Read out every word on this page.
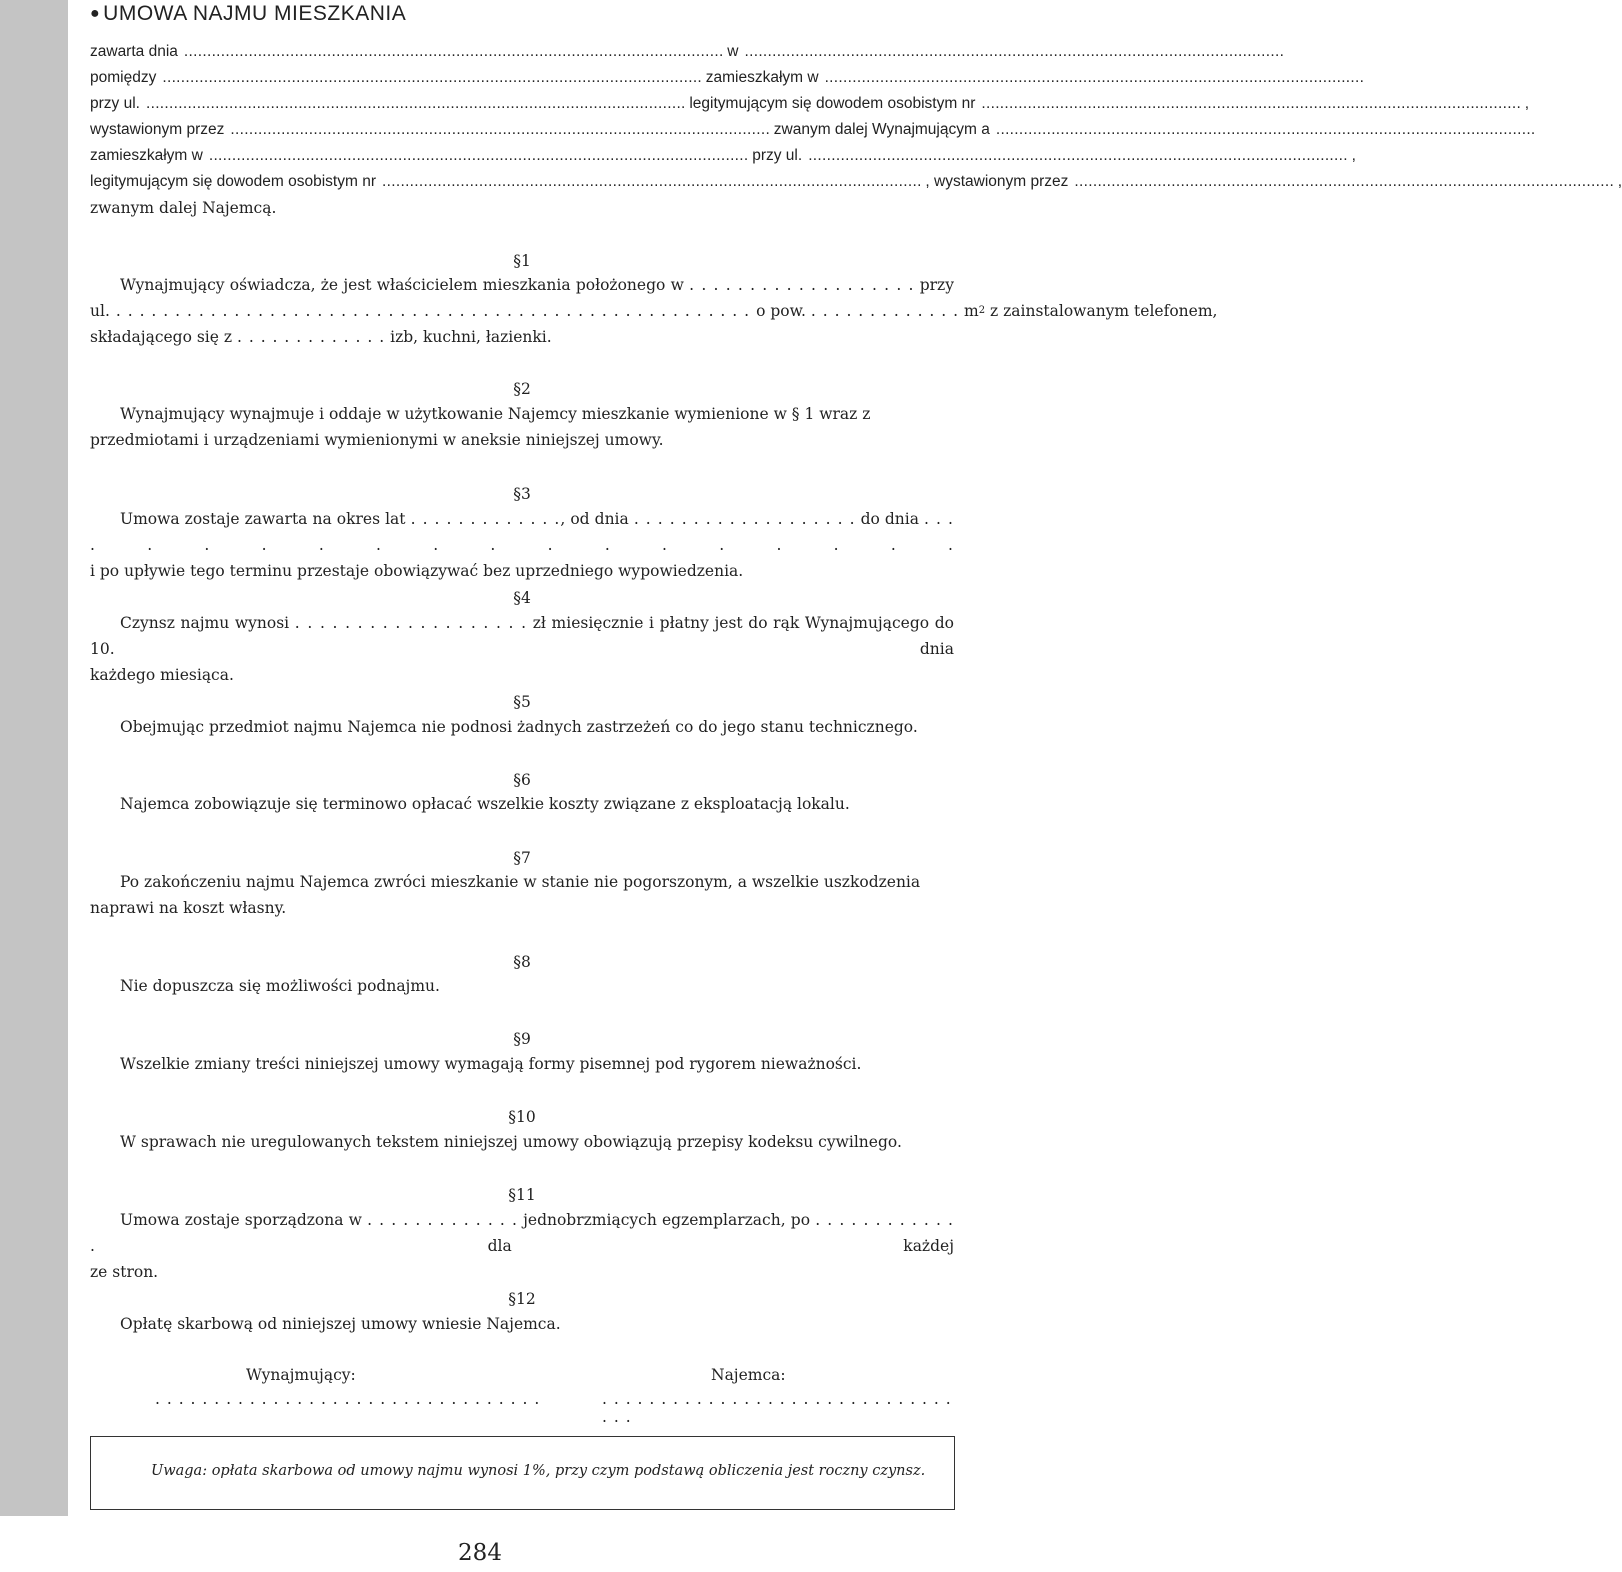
● UMOWA NAJMU MIESZKANIA
zawarta dnia . . .	w
. . .
pomiędzy . . .	zamieszkałym w
. . .
przy ul. . . .	legitymującym się dowodem osobistym nr . . .	,
wystawionym przez . . .	zwanym dalej Wynajmującym a
. . .
zamieszkałym w . . .	przy ul. . . .	,
legitymującym się dowodem osobistym nr . . .	, wystawionym przez . . .	,
zwanym dalej Najemcą.
§1
Wynajmujący oświadcza, że jest właścicielem mieszkania położonego w . . . . . . . . . . . . . . . . . . . przy
ul. . . . . . . . . . . . . . . . . . . . . . . . . . . . . . . . . . . . . . . . . . . . . . . . . . . . . . . o pow.
. . . . . . . . . . . . .
m 2
z zainstalowanym telefonem,
składającego się z . . . . . . . . . . . . . izb, kuchni, łazienki.
§2
Wynajmujący wynajmuje i oddaje w użytkowanie Najemcy mieszkanie wymienione w § 1 wraz z przedmiotami i urządzeniami wymienionymi w aneksie niniejszej umowy.
§3
Umowa zostaje zawarta na okres lat . . . . . . . . . . . . ., od dnia . . . . . . . . . . . . . . . . . . . do dnia . . . . . . . . . . . . . . . . . . .
i po upływie tego terminu przestaje obowiązywać bez uprzedniego wypowiedzenia.
§4
Czynsz najmu wynosi . . . . . . . . . . . . . . . . . . . zł miesięcznie i płatny jest do rąk Wynajmującego do 10. dnia
każdego miesiąca.
§5
Obejmując przedmiot najmu Najemca nie podnosi żadnych zastrzeżeń co do jego stanu technicznego.
§6
Najemca zobowiązuje się terminowo opłacać wszelkie koszty związane z eksploatacją lokalu.
§7
Po zakończeniu najmu Najemca zwróci mieszkanie w stanie nie pogorszonym, a wszelkie uszkodzenia naprawi na koszt własny.
§8
Nie dopuszcza się możliwości podnajmu.
§9
Wszelkie zmiany treści niniejszej umowy wymagają formy pisemnej pod rygorem nieważności.
§10
W sprawach nie uregulowanych tekstem niniejszej umowy obowiązują przepisy kodeksu cywilnego.
§11
Umowa zostaje sporządzona w . . . . . . . . . . . . . jednobrzmiących egzemplarzach, po . . . . . . . . . . . . .	dla każdej
ze stron.
§12
Opłatę skarbową od niniejszej umowy wniesie Najemca.
Wynajmujący:
. . . . . . . . . . . . . . . . . . . . . . . . . . . . . . . . .
Najemca:
. . . . . . . . . . . . . . . . . . . . . . . . . . . . . . . . .
Uwaga: opłata skarbowa od umowy najmu wynosi 1%, przy czym podstawą obliczenia jest roczny czynsz.
284
